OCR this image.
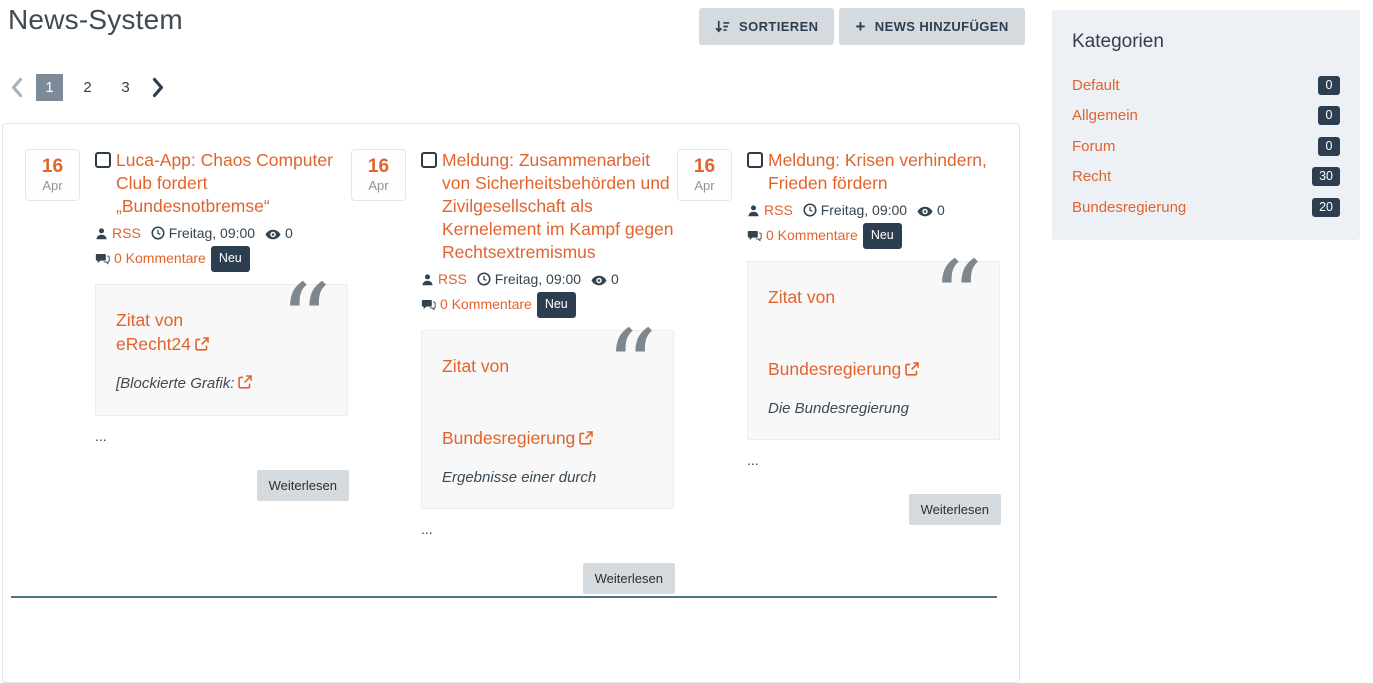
News-System	SORTIEREN + NEWS HINZUFÜGEN
1	2	3
16
Apr
Luca-App: Chaos Computer Club fordert „Bundesnotbremse“
RSS Freitag, 09:00 0
0 Kommentare Neu
“
Zitat von
eRecht24
[Blockierte Grafik:
...
Weiterlesen
16
Apr
Meldung: Zusammenarbeit von Sicherheitsbehörden und Zivilgesellschaft als Kernelement im Kampf gegen Rechtsextremismus
RSS Freitag, 09:00 0
0 Kommentare Neu
“
Zitat von
Bundesregierung
Ergebnisse einer durch
...
Weiterlesen
16
Apr
Meldung: Krisen verhindern, Frieden fördern
RSS Freitag, 09:00 0
0 Kommentare Neu
“
Zitat von
Bundesregierung
Die Bundesregierung
...
Weiterlesen
Kategorien
Default	0
Allgemein	0
Forum	0
Recht	30
Bundesregierung	20
